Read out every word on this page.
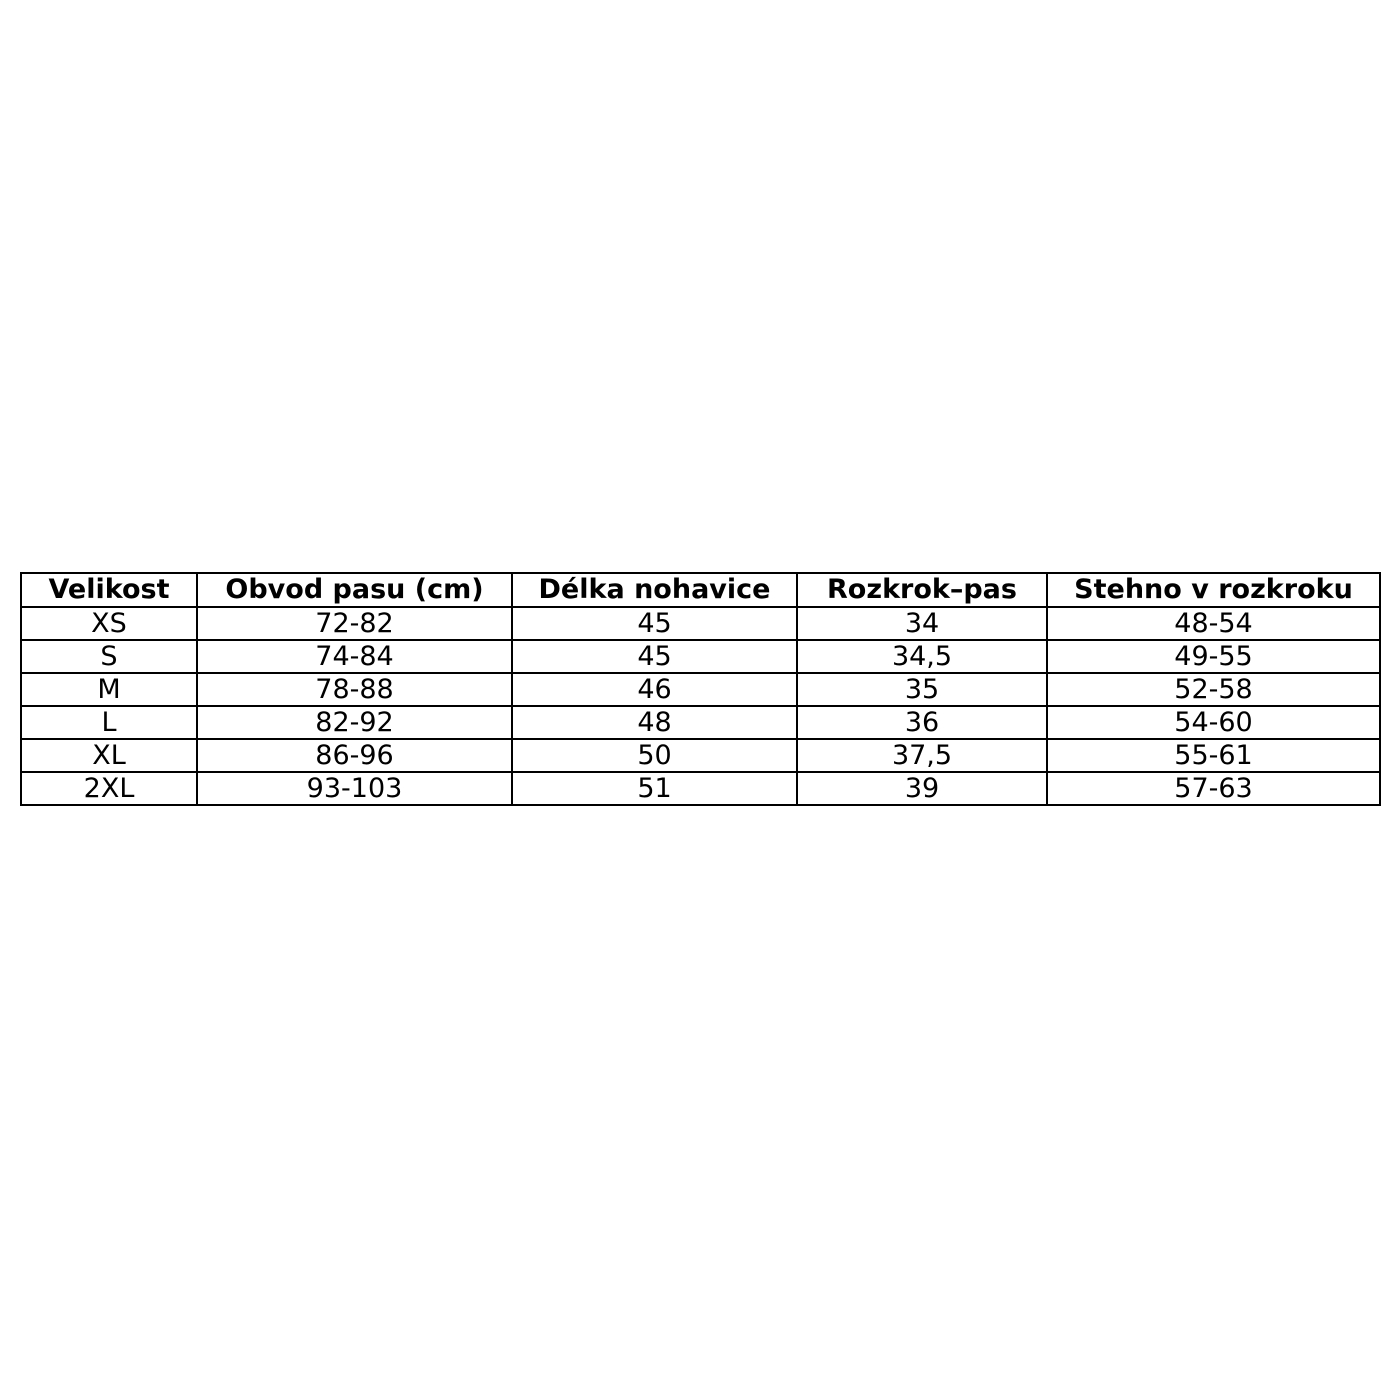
Velikost	Obvod pasu (cm)	Délka nohavice	Rozkrok–pas	Stehno v rozkroku
XS	72-82	45	34	48-54
S	74-84	45	34,5	49-55
M	78-88	46	35	52-58
L	82-92	48	36	54-60
XL	86-96	50	37,5	55-61
2XL	93-103	51	39	57-63
